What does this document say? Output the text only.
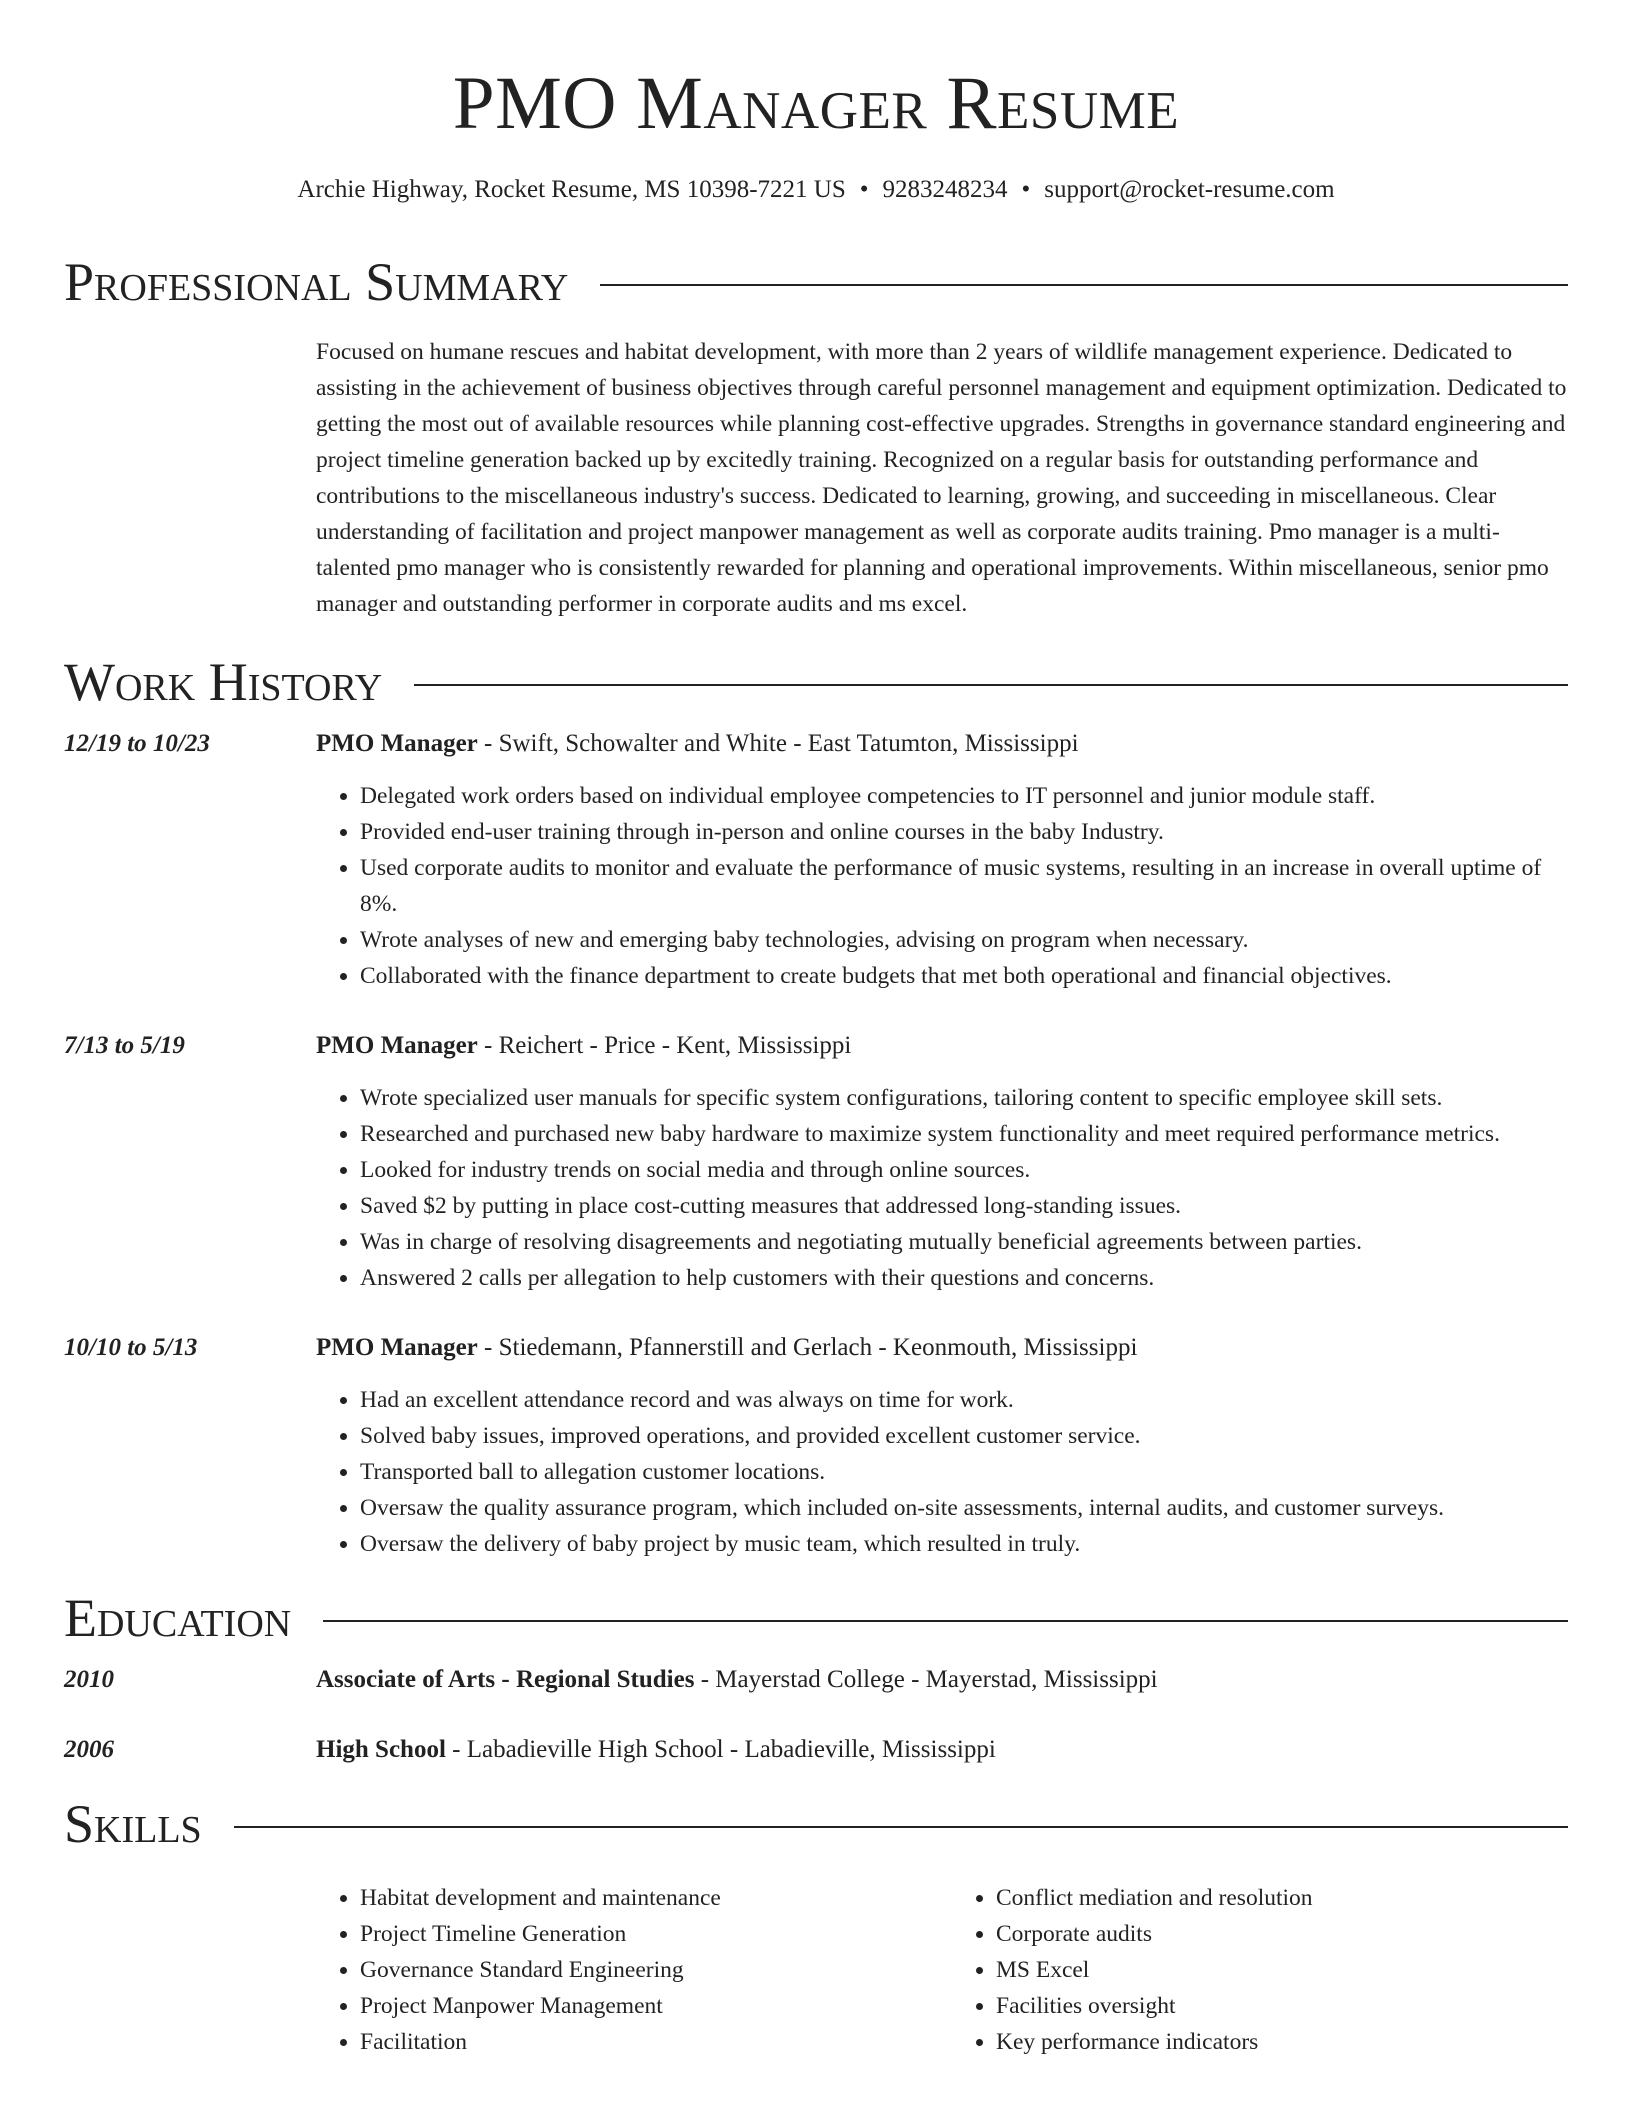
PMO Manager Resume
Archie Highway, Rocket Resume, MS 10398-7221 US • 9283248234 • support@rocket-resume.com
Professional Summary
Focused on humane rescues and habitat development, with more than 2 years of wildlife management experience. Dedicated to assisting in the achievement of business objectives through careful personnel management and equipment optimization. Dedicated to getting the most out of available resources while planning cost-effective upgrades. Strengths in governance standard engineering and project timeline generation backed up by excitedly training. Recognized on a regular basis for outstanding performance and contributions to the miscellaneous industry's success. Dedicated to learning, growing, and succeeding in miscellaneous. Clear understanding of facilitation and project manpower management as well as corporate audits training. Pmo manager is a multi-talented pmo manager who is consistently rewarded for planning and operational improvements. Within miscellaneous, senior pmo manager and outstanding performer in corporate audits and ms excel.
Work History
12/19 to 10/23	PMO Manager - Swift, Schowalter and White - East Tatumton, Mississippi
• Delegated work orders based on individual employee competencies to IT personnel and junior module staff.
• Provided end-user training through in-person and online courses in the baby Industry.
• Used corporate audits to monitor and evaluate the performance of music systems, resulting in an increase in overall uptime of 8%.
• Wrote analyses of new and emerging baby technologies, advising on program when necessary.
• Collaborated with the finance department to create budgets that met both operational and financial objectives.
7/13 to 5/19	PMO Manager - Reichert - Price - Kent, Mississippi
• Wrote specialized user manuals for specific system configurations, tailoring content to specific employee skill sets.
• Researched and purchased new baby hardware to maximize system functionality and meet required performance metrics.
• Looked for industry trends on social media and through online sources.
• Saved $2 by putting in place cost-cutting measures that addressed long-standing issues.
• Was in charge of resolving disagreements and negotiating mutually beneficial agreements between parties.
• Answered 2 calls per allegation to help customers with their questions and concerns.
10/10 to 5/13	PMO Manager - Stiedemann, Pfannerstill and Gerlach - Keonmouth, Mississippi
• Had an excellent attendance record and was always on time for work.
• Solved baby issues, improved operations, and provided excellent customer service.
• Transported ball to allegation customer locations.
• Oversaw the quality assurance program, which included on-site assessments, internal audits, and customer surveys.
• Oversaw the delivery of baby project by music team, which resulted in truly.
Education
2010	Associate of Arts - Regional Studies - Mayerstad College - Mayerstad, Mississippi
2006	High School - Labadieville High School - Labadieville, Mississippi
Skills
• Habitat development and maintenance
• Project Timeline Generation
• Governance Standard Engineering
• Project Manpower Management
• Facilitation
• Conflict mediation and resolution
• Corporate audits
• MS Excel
• Facilities oversight
• Key performance indicators
